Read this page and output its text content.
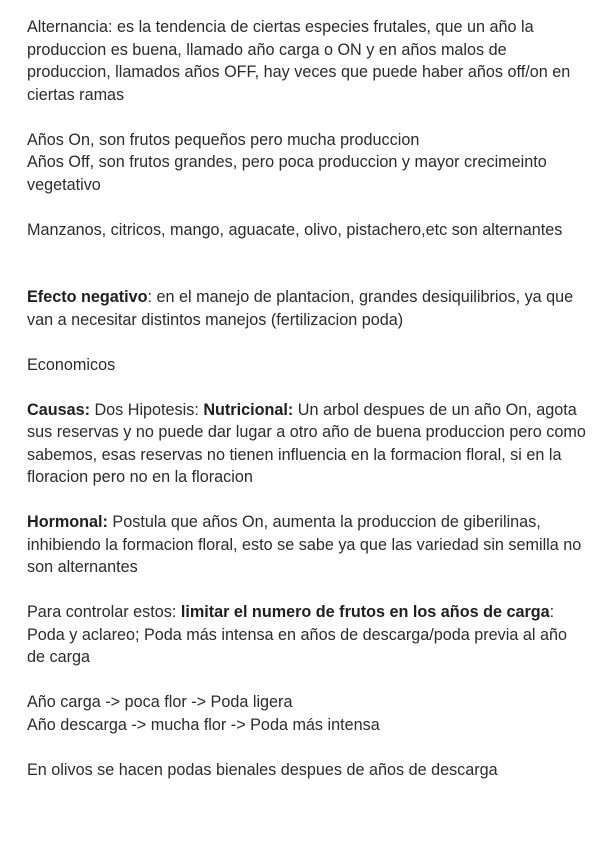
Alternancia: es la tendencia de ciertas especies frutales, que un año la produccion es buena, llamado año carga o ON y en años malos de produccion, llamados años OFF, hay veces que puede haber años off/on en ciertas ramas

Años On, son frutos pequeños pero mucha produccion

Años Off, son frutos grandes, pero poca produccion y mayor crecimeinto vegetativo

Manzanos, citricos, mango, aguacate, olivo, pistachero,etc son alternantes

Efecto negativo: en el manejo de plantacion, grandes desiquilibrios, ya que van a necesitar distintos manejos (fertilizacion poda)

Economicos

Causas: Dos Hipotesis: Nutricional: Un arbol despues de un año On, agota sus reservas y no puede dar lugar a otro año de buena produccion pero como sabemos, esas reservas no tienen influencia en la formacion floral, si en la floracion pero no en la floracion

Hormonal: Postula que años On, aumenta la produccion de giberilinas, inhibiendo la formacion floral, esto se sabe ya que las variedad sin semilla no son alternantes

Para controlar estos: limitar el numero de frutos en los años de carga:

Poda y aclareo; Poda más intensa en años de descarga/poda previa al año de carga

Año carga -> poca flor -> Poda ligera

Año descarga -> mucha flor -> Poda más intensa

En olivos se hacen podas bienales despues de años de descarga
